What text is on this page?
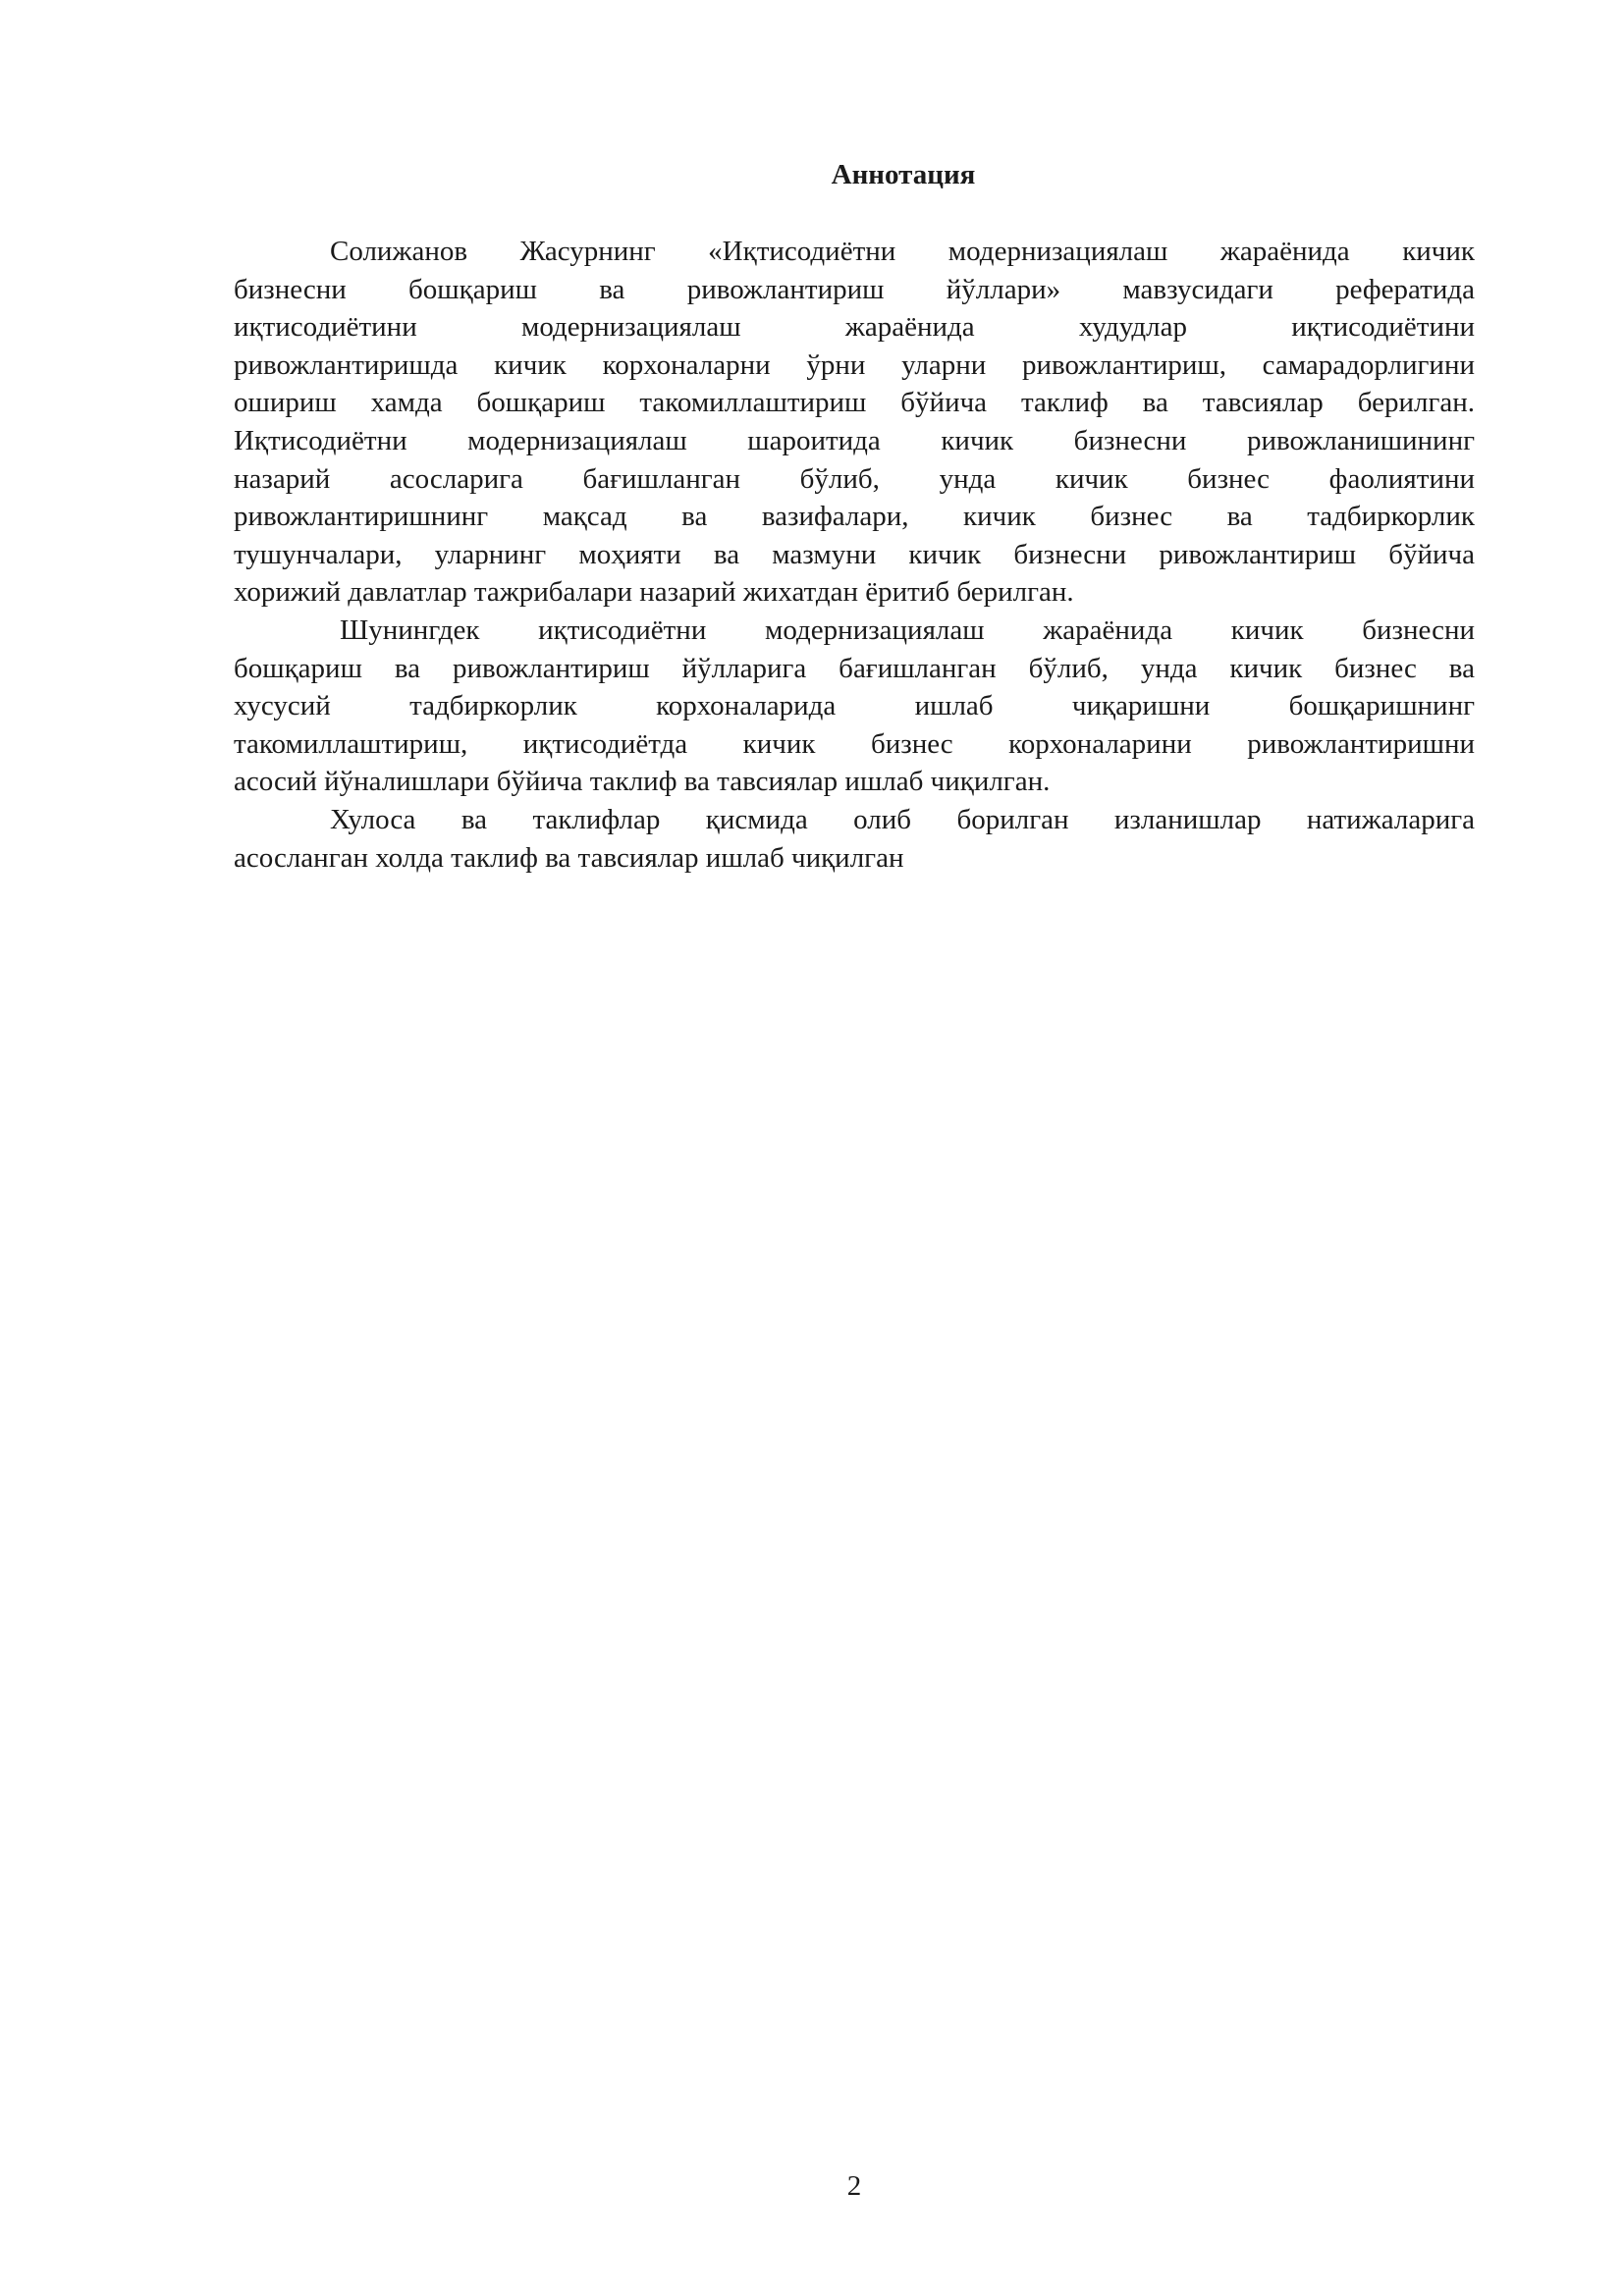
Аннотация
Солижанов Жасурнинг «Иқтисодиётни модернизациялаш жараёнида кичик
бизнесни бошқариш ва ривожлантириш йўллари» мавзусидаги рефератида
иқтисодиётини модернизациялаш жараёнида худудлар иқтисодиётини
ривожлантиришда кичик корхоналарни ўрни уларни ривожлантириш, самарадорлигини
ошириш хамда бошқариш такомиллаштириш бўйича таклиф ва тавсиялар берилган.
Иқтисодиётни модернизациялаш шароитида кичик бизнесни ривожланишининг
назарий асосларига бағишланган бўлиб, унда кичик бизнес фаолиятини
ривожлантиришнинг мақсад ва вазифалари, кичик бизнес ва тадбиркорлик
тушунчалари, уларнинг моҳияти ва мазмуни кичик бизнесни ривожлантириш бўйича
хорижий давлатлар тажрибалари назарий жихатдан ёритиб берилган.
Шунингдек иқтисодиётни модернизациялаш жараёнида кичик бизнесни
бошқариш ва ривожлантириш йўлларига бағишланган бўлиб, унда кичик бизнес ва
хусусий тадбиркорлик корхоналарида ишлаб чиқаришни бошқаришнинг
такомиллаштириш, иқтисодиётда кичик бизнес корхоналарини ривожлантиришни
асосий йўналишлари бўйича таклиф ва тавсиялар ишлаб чиқилган.
Хулоса ва таклифлар қисмида олиб борилган изланишлар натижаларига
асосланган холда таклиф ва тавсиялар ишлаб чиқилган

2
